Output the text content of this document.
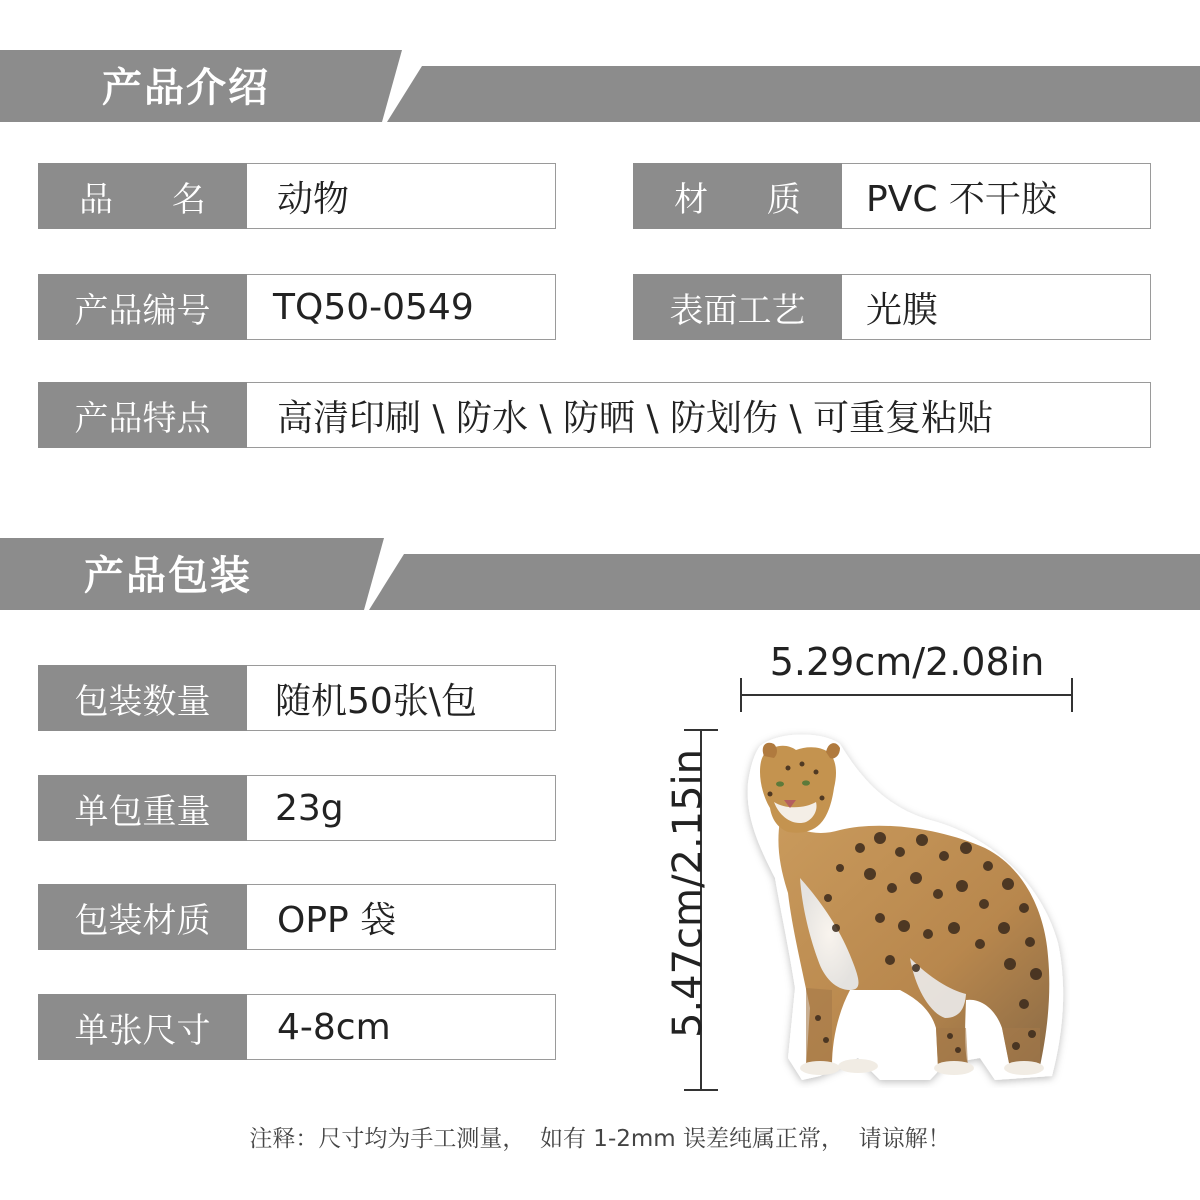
产品介绍
品 名	动物	材 质	PVC 不干胶
产品编号	TQ50-0549	表面工艺	光膜
产品特点	高清印刷 \ 防水 \ 防晒 \ 防划伤 \ 可重复粘贴
产品包装
包装数量	随机50张\包
单包重量	23g
包装材质	OPP 袋
单张尺寸	4-8cm
5.29cm/2.08in
5.47cm/2.15in
注释：尺寸均为手工测量，  如有 1-2mm 误差纯属正常，  请谅解！
